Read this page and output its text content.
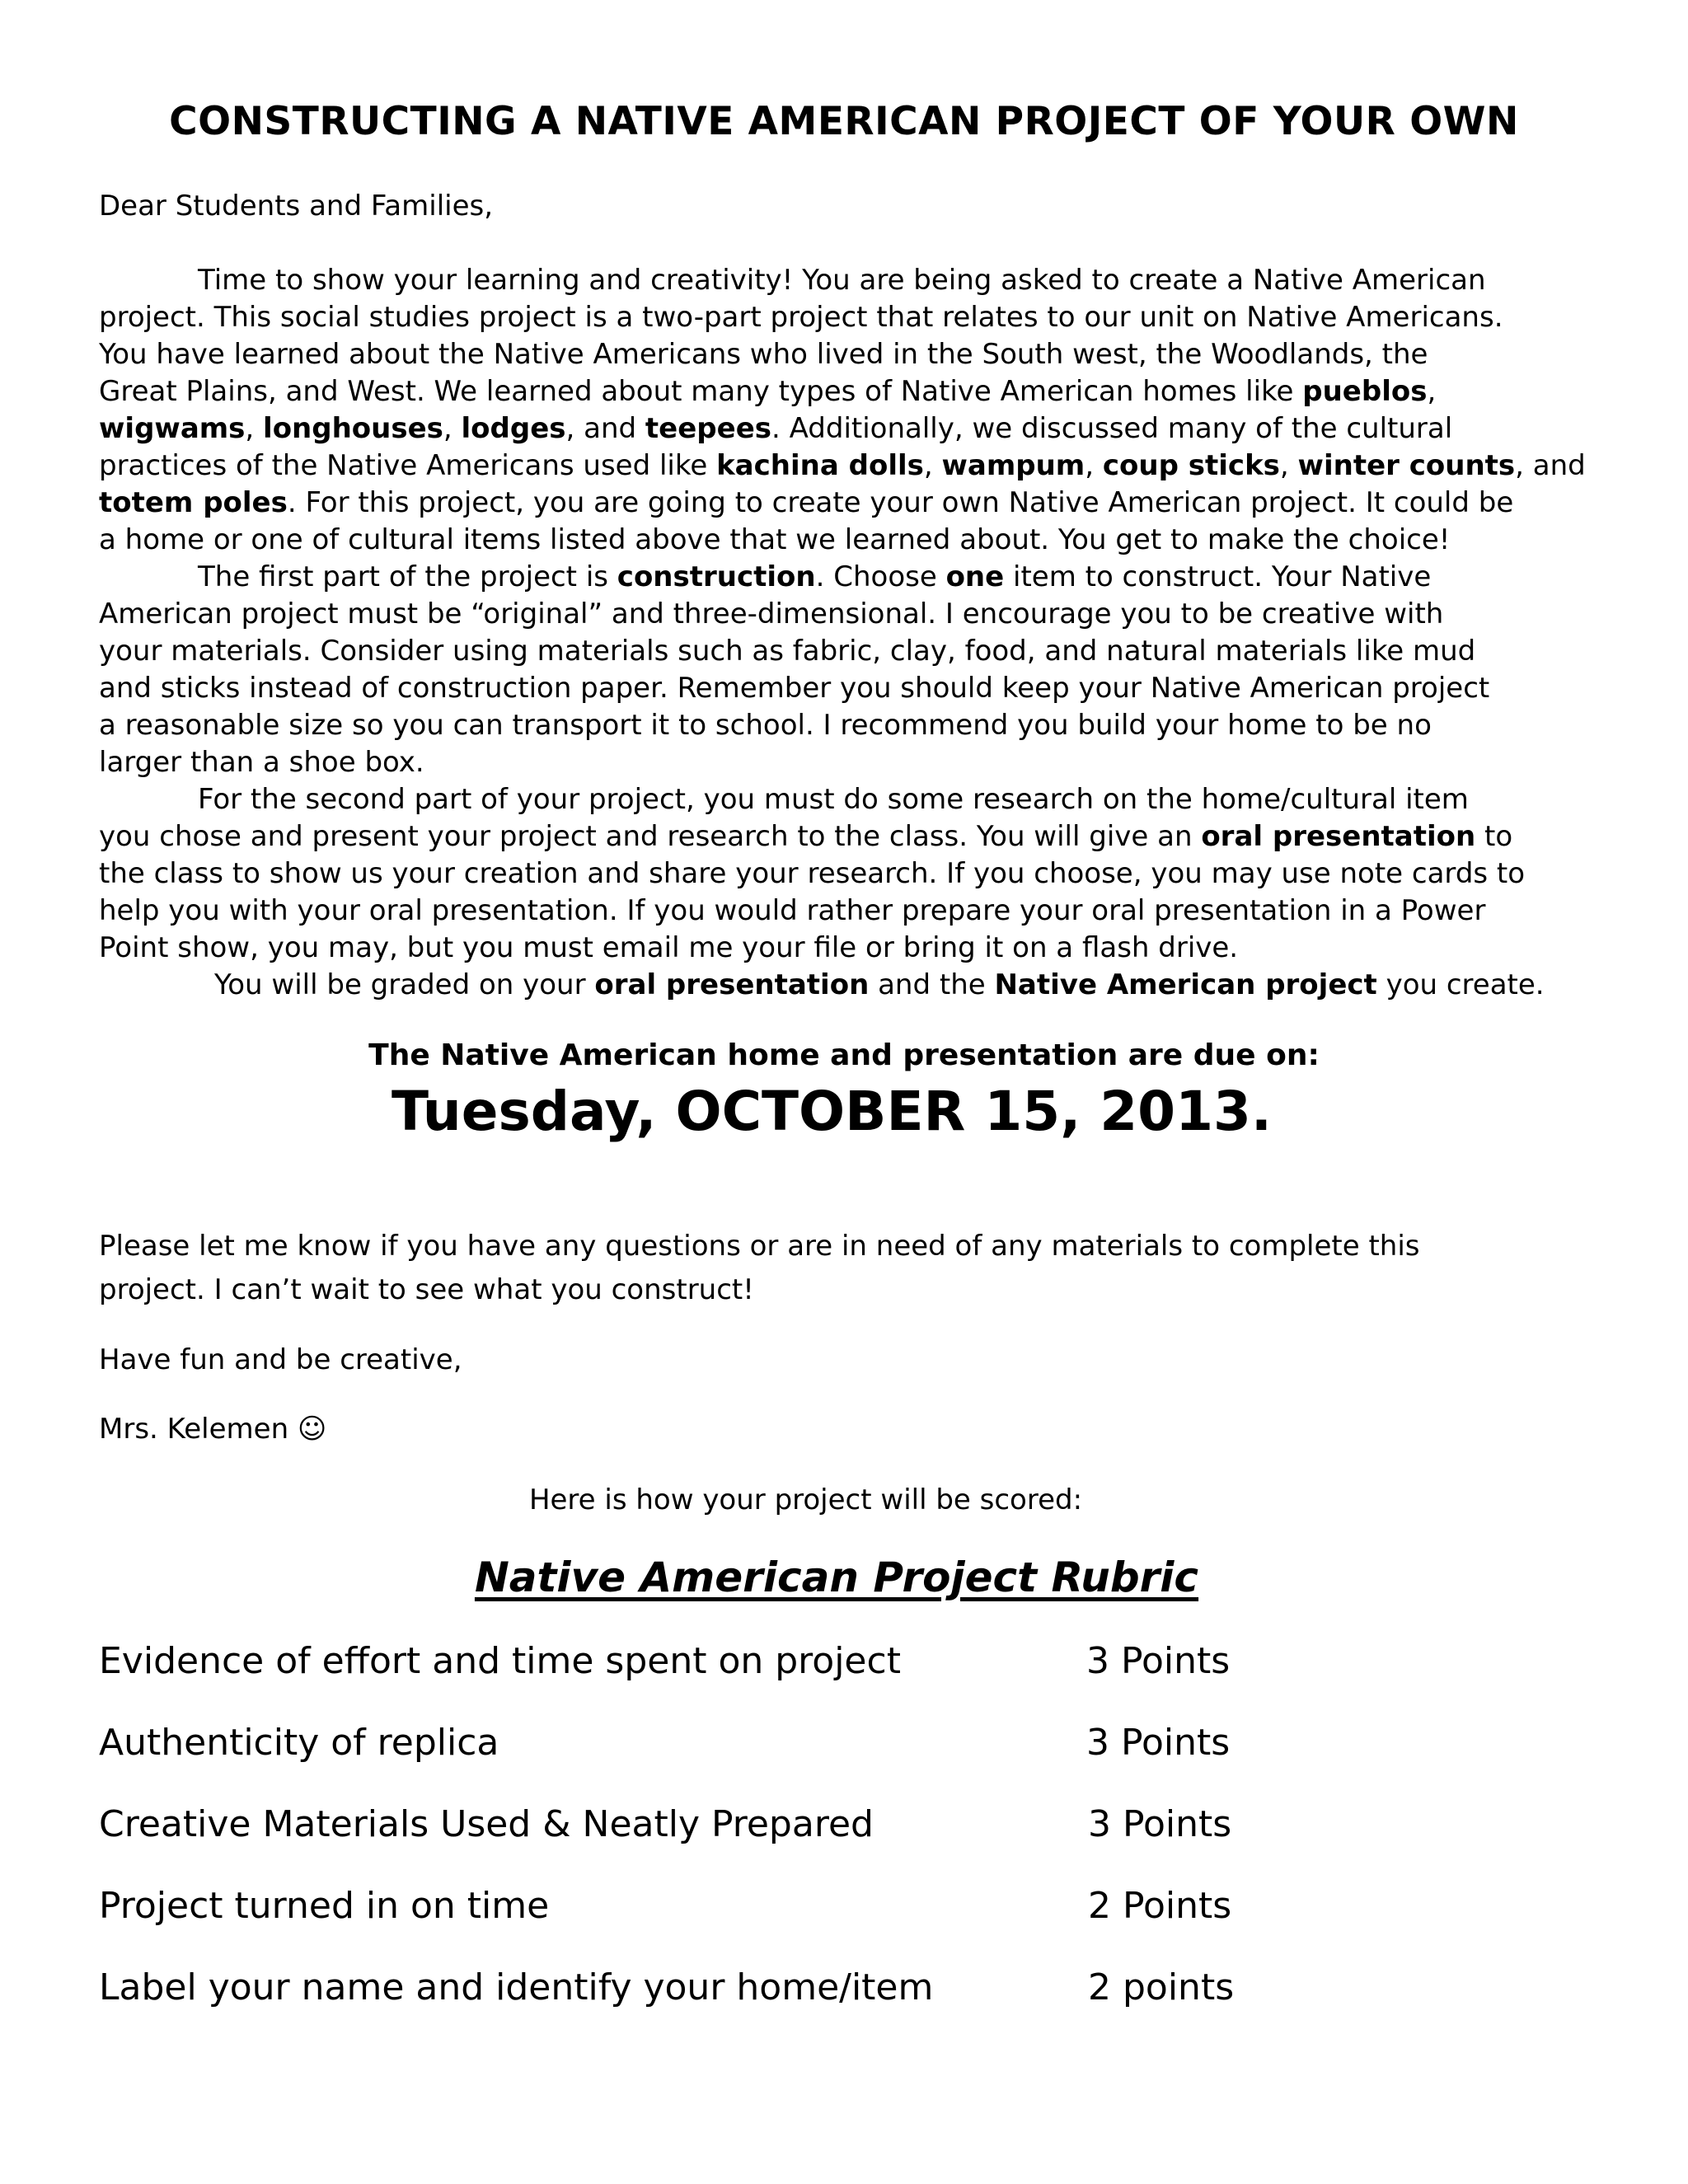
CONSTRUCTING A NATIVE AMERICAN PROJECT OF YOUR OWN
Dear Students and Families,
Time to show your learning and creativity! You are being asked to create a Native American
project. This social studies project is a two-part project that relates to our unit on Native Americans.
You have learned about the Native Americans who lived in the South west, the Woodlands, the
Great Plains, and West. We learned about many types of Native American homes like pueblos,
wigwams, longhouses, lodges, and teepees. Additionally, we discussed many of the cultural
practices of the Native Americans used like kachina dolls, wampum, coup sticks, winter counts, and
totem poles. For this project, you are going to create your own Native American project. It could be
a home or one of cultural items listed above that we learned about. You get to make the choice!
The first part of the project is construction. Choose one item to construct. Your Native
American project must be “original” and three-dimensional. I encourage you to be creative with
your materials. Consider using materials such as fabric, clay, food, and natural materials like mud
and sticks instead of construction paper. Remember you should keep your Native American project
a reasonable size so you can transport it to school. I recommend you build your home to be no
larger than a shoe box.
For the second part of your project, you must do some research on the home/cultural item
you chose and present your project and research to the class. You will give an oral presentation to
the class to show us your creation and share your research. If you choose, you may use note cards to
help you with your oral presentation. If you would rather prepare your oral presentation in a Power
Point show, you may, but you must email me your file or bring it on a flash drive.
You will be graded on your oral presentation and the Native American project you create.
The Native American home and presentation are due on:
Tuesday, OCTOBER 15, 2013.
Please let me know if you have any questions or are in need of any materials to complete this
project. I can’t wait to see what you construct!
Have fun and be creative,
Mrs. Kelemen ☺
Here is how your project will be scored:
Native American Project Rubric
Evidence of effort and time spent on project	3 Points
Authenticity of replica	3 Points
Creative Materials Used & Neatly Prepared	3 Points
Project turned in on time	2 Points
Label your name and identify your home/item	2 points
